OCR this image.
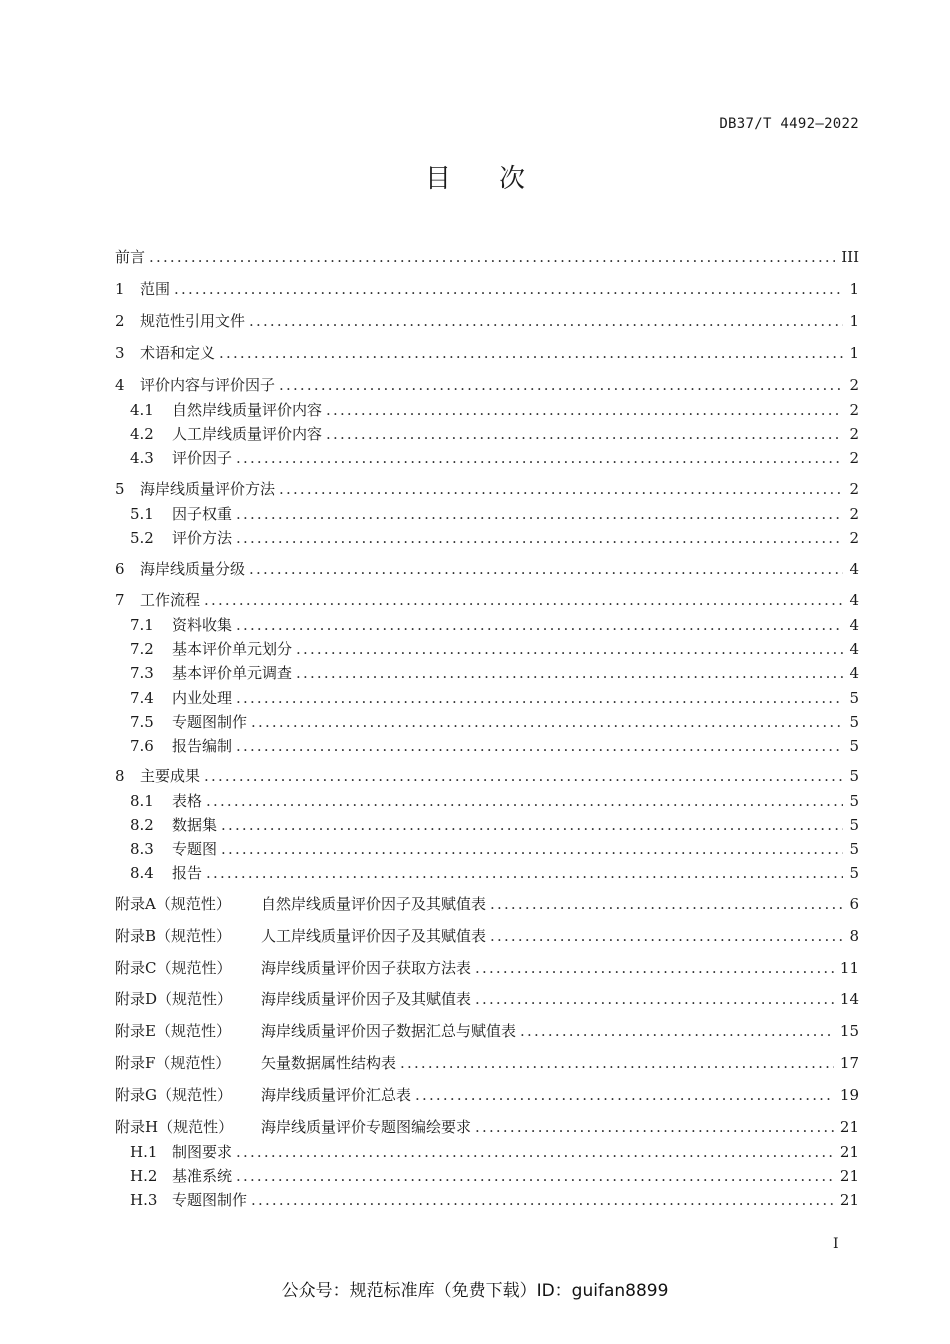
DB37/T 4492—2022
目次
前言 .....	III
1 范围 .....	1
2 规范性引用文件 .....	1
3 术语和定义 .....	1
4 评价内容与评价因子 .....	2
4.1 自然岸线质量评价内容 .....	2
4.2 人工岸线质量评价内容 .....	2
4.3 评价因子 .....	2
5 海岸线质量评价方法 .....	2
5.1 因子权重 .....	2
5.2 评价方法 .....	2
6 海岸线质量分级 .....	4
7 工作流程 .....	4
7.1 资料收集 .....	4
7.2 基本评价单元划分 .....	4
7.3 基本评价单元调查 .....	4
7.4 内业处理 .....	5
7.5 专题图制作 .....	5
7.6 报告编制 .....	5
8 主要成果 .....	5
8.1 表格 .....	5
8.2 数据集 .....	5
8.3 专题图 .....	5
8.4 报告 .....	5
附录A（规范性） 自然岸线质量评价因子及其赋值表 .....	6
附录B（规范性） 人工岸线质量评价因子及其赋值表 .....	8
附录C（规范性） 海岸线质量评价因子获取方法表 .....	11
附录D（规范性） 海岸线质量评价因子及其赋值表 .....	14
附录E（规范性） 海岸线质量评价因子数据汇总与赋值表 .....	15
附录F（规范性） 矢量数据属性结构表 .....	17
附录G（规范性） 海岸线质量评价汇总表 .....	19
附录H（规范性） 海岸线质量评价专题图编绘要求 .....	21
H.1 制图要求 .....	21
H.2 基准系统 .....	21
H.3 专题图制作 .....	21
I
公众号：规范标准库（免费下载）ID：guifan8899
